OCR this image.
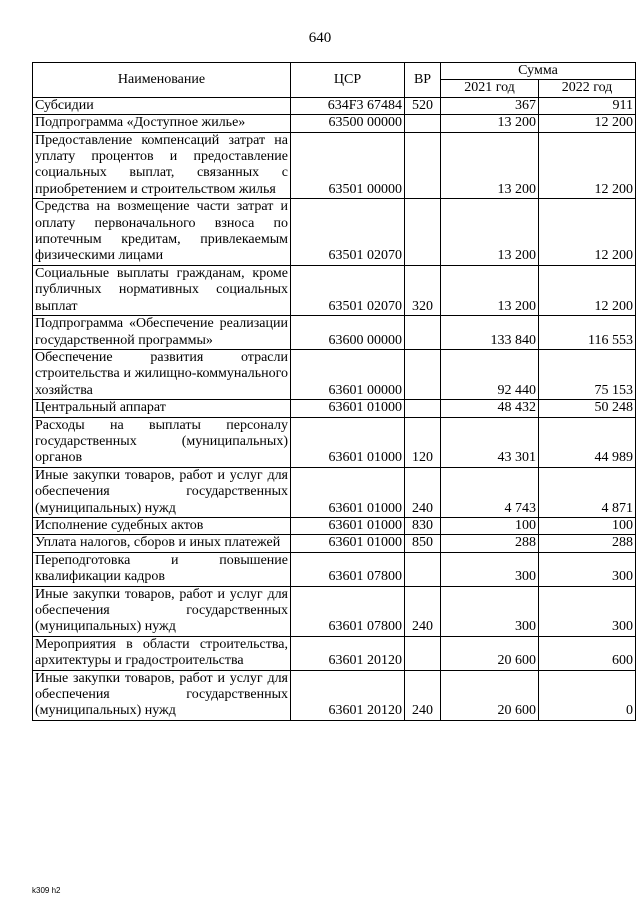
640
Наименование	ЦСР	ВР	Сумма	
			2021 год	2022 год
Субсидии	634F3 67484	520	367	911
Подпрограмма «Доступное жилье»	63500 00000		13 200	12 200
Предоставление компенсаций затрат на уплату процентов и предоставление социальных выплат, связанных с приобретением и строительством жилья	63501 00000		13 200	12 200
Средства на возмещение части затрат и оплату первоначального взноса по ипотечным кредитам, привлекаемым физическими лицами	63501 02070		13 200	12 200
Социальные выплаты гражданам, кроме публичных нормативных социальных выплат	63501 02070	320	13 200	12 200
Подпрограмма «Обеспечение реализации государственной программы»	63600 00000		133 840	116 553
Обеспечение развития отрасли строительства и жилищно-коммунального хозяйства	63601 00000		92 440	75 153
Центральный аппарат	63601 01000		48 432	50 248
Расходы на выплаты персоналу государственных (муниципальных) органов	63601 01000	120	43 301	44 989
Иные закупки товаров, работ и услуг для обеспечения государственных (муниципальных) нужд	63601 01000	240	4 743	4 871
Исполнение судебных актов	63601 01000	830	100	100
Уплата налогов, сборов и иных платежей	63601 01000	850	288	288
Переподготовка и повышение квалификации кадров	63601 07800		300	300
Иные закупки товаров, работ и услуг для обеспечения государственных (муниципальных) нужд	63601 07800	240	300	300
Мероприятия в области строительства, архитектуры и градостроительства	63601 20120		20 600	600
Иные закупки товаров, работ и услуг для обеспечения государственных (муниципальных) нужд	63601 20120	240	20 600	0
k309 h2
